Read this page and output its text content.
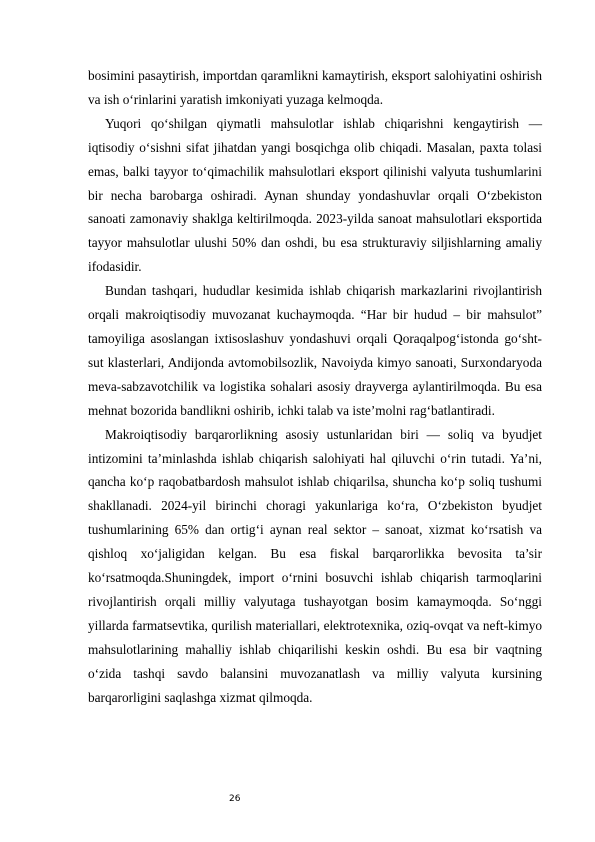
bosimini pasaytirish, importdan qaramlikni kamaytirish, eksport salohiyatini oshirish va ish o‘rinlarini yaratish imkoniyati yuzaga kelmoqda.

Yuqori qo‘shilgan qiymatli mahsulotlar ishlab chiqarishni kengaytirish — iqtisodiy o‘sishni sifat jihatdan yangi bosqichga olib chiqadi. Masalan, paxta tolasi emas, balki tayyor to‘qimachilik mahsulotlari eksport qilinishi valyuta tushumlarini bir necha barobarga oshiradi. Aynan shunday yondashuvlar orqali O‘zbekiston sanoati zamonaviy shaklga keltirilmoqda. 2023-yilda sanoat mahsulotlari eksportida tayyor mahsulotlar ulushi 50% dan oshdi, bu esa strukturaviy siljishlarning amaliy ifodasidir.

Bundan tashqari, hududlar kesimida ishlab chiqarish markazlarini rivojlantirish orqali makroiqtisodiy muvozanat kuchaymoqda. “Har bir hudud – bir mahsulot” tamoyiliga asoslangan ixtisoslashuv yondashuvi orqali Qoraqalpog‘istonda go‘sht-sut klasterlari, Andijonda avtomobilsozlik, Navoiyda kimyo sanoati, Surxondaryoda meva-sabzavotchilik va logistika sohalari asosiy drayverga aylantirilmoqda. Bu esa mehnat bozorida bandlikni oshirib, ichki talab va iste’molni rag‘batlantiradi.

Makroiqtisodiy barqarorlikning asosiy ustunlaridan biri — soliq va byudjet intizomini ta’minlashda ishlab chiqarish salohiyati hal qiluvchi o‘rin tutadi. Ya’ni, qancha ko‘p raqobatbardosh mahsulot ishlab chiqarilsa, shuncha ko‘p soliq tushumi shakllanadi. 2024-yil birinchi choragi yakunlariga ko‘ra, O‘zbekiston byudjet tushumlarining 65% dan ortig‘i aynan real sektor – sanoat, xizmat ko‘rsatish va qishloq xo‘jaligidan kelgan. Bu esa fiskal barqarorlikka bevosita ta’sir ko‘rsatmoqda.Shuningdek, import o‘rnini bosuvchi ishlab chiqarish tarmoqlarini rivojlantirish orqali milliy valyutaga tushayotgan bosim kamaymoqda. So‘nggi yillarda farmatsevtika, qurilish materiallari, elektrotexnika, oziq-ovqat va neft-kimyo mahsulotlarining mahalliy ishlab chiqarilishi keskin oshdi. Bu esa bir vaqtning o‘zida tashqi savdo balansini muvozanatlash va milliy valyuta kursining barqarorligini saqlashga xizmat qilmoqda.

26
